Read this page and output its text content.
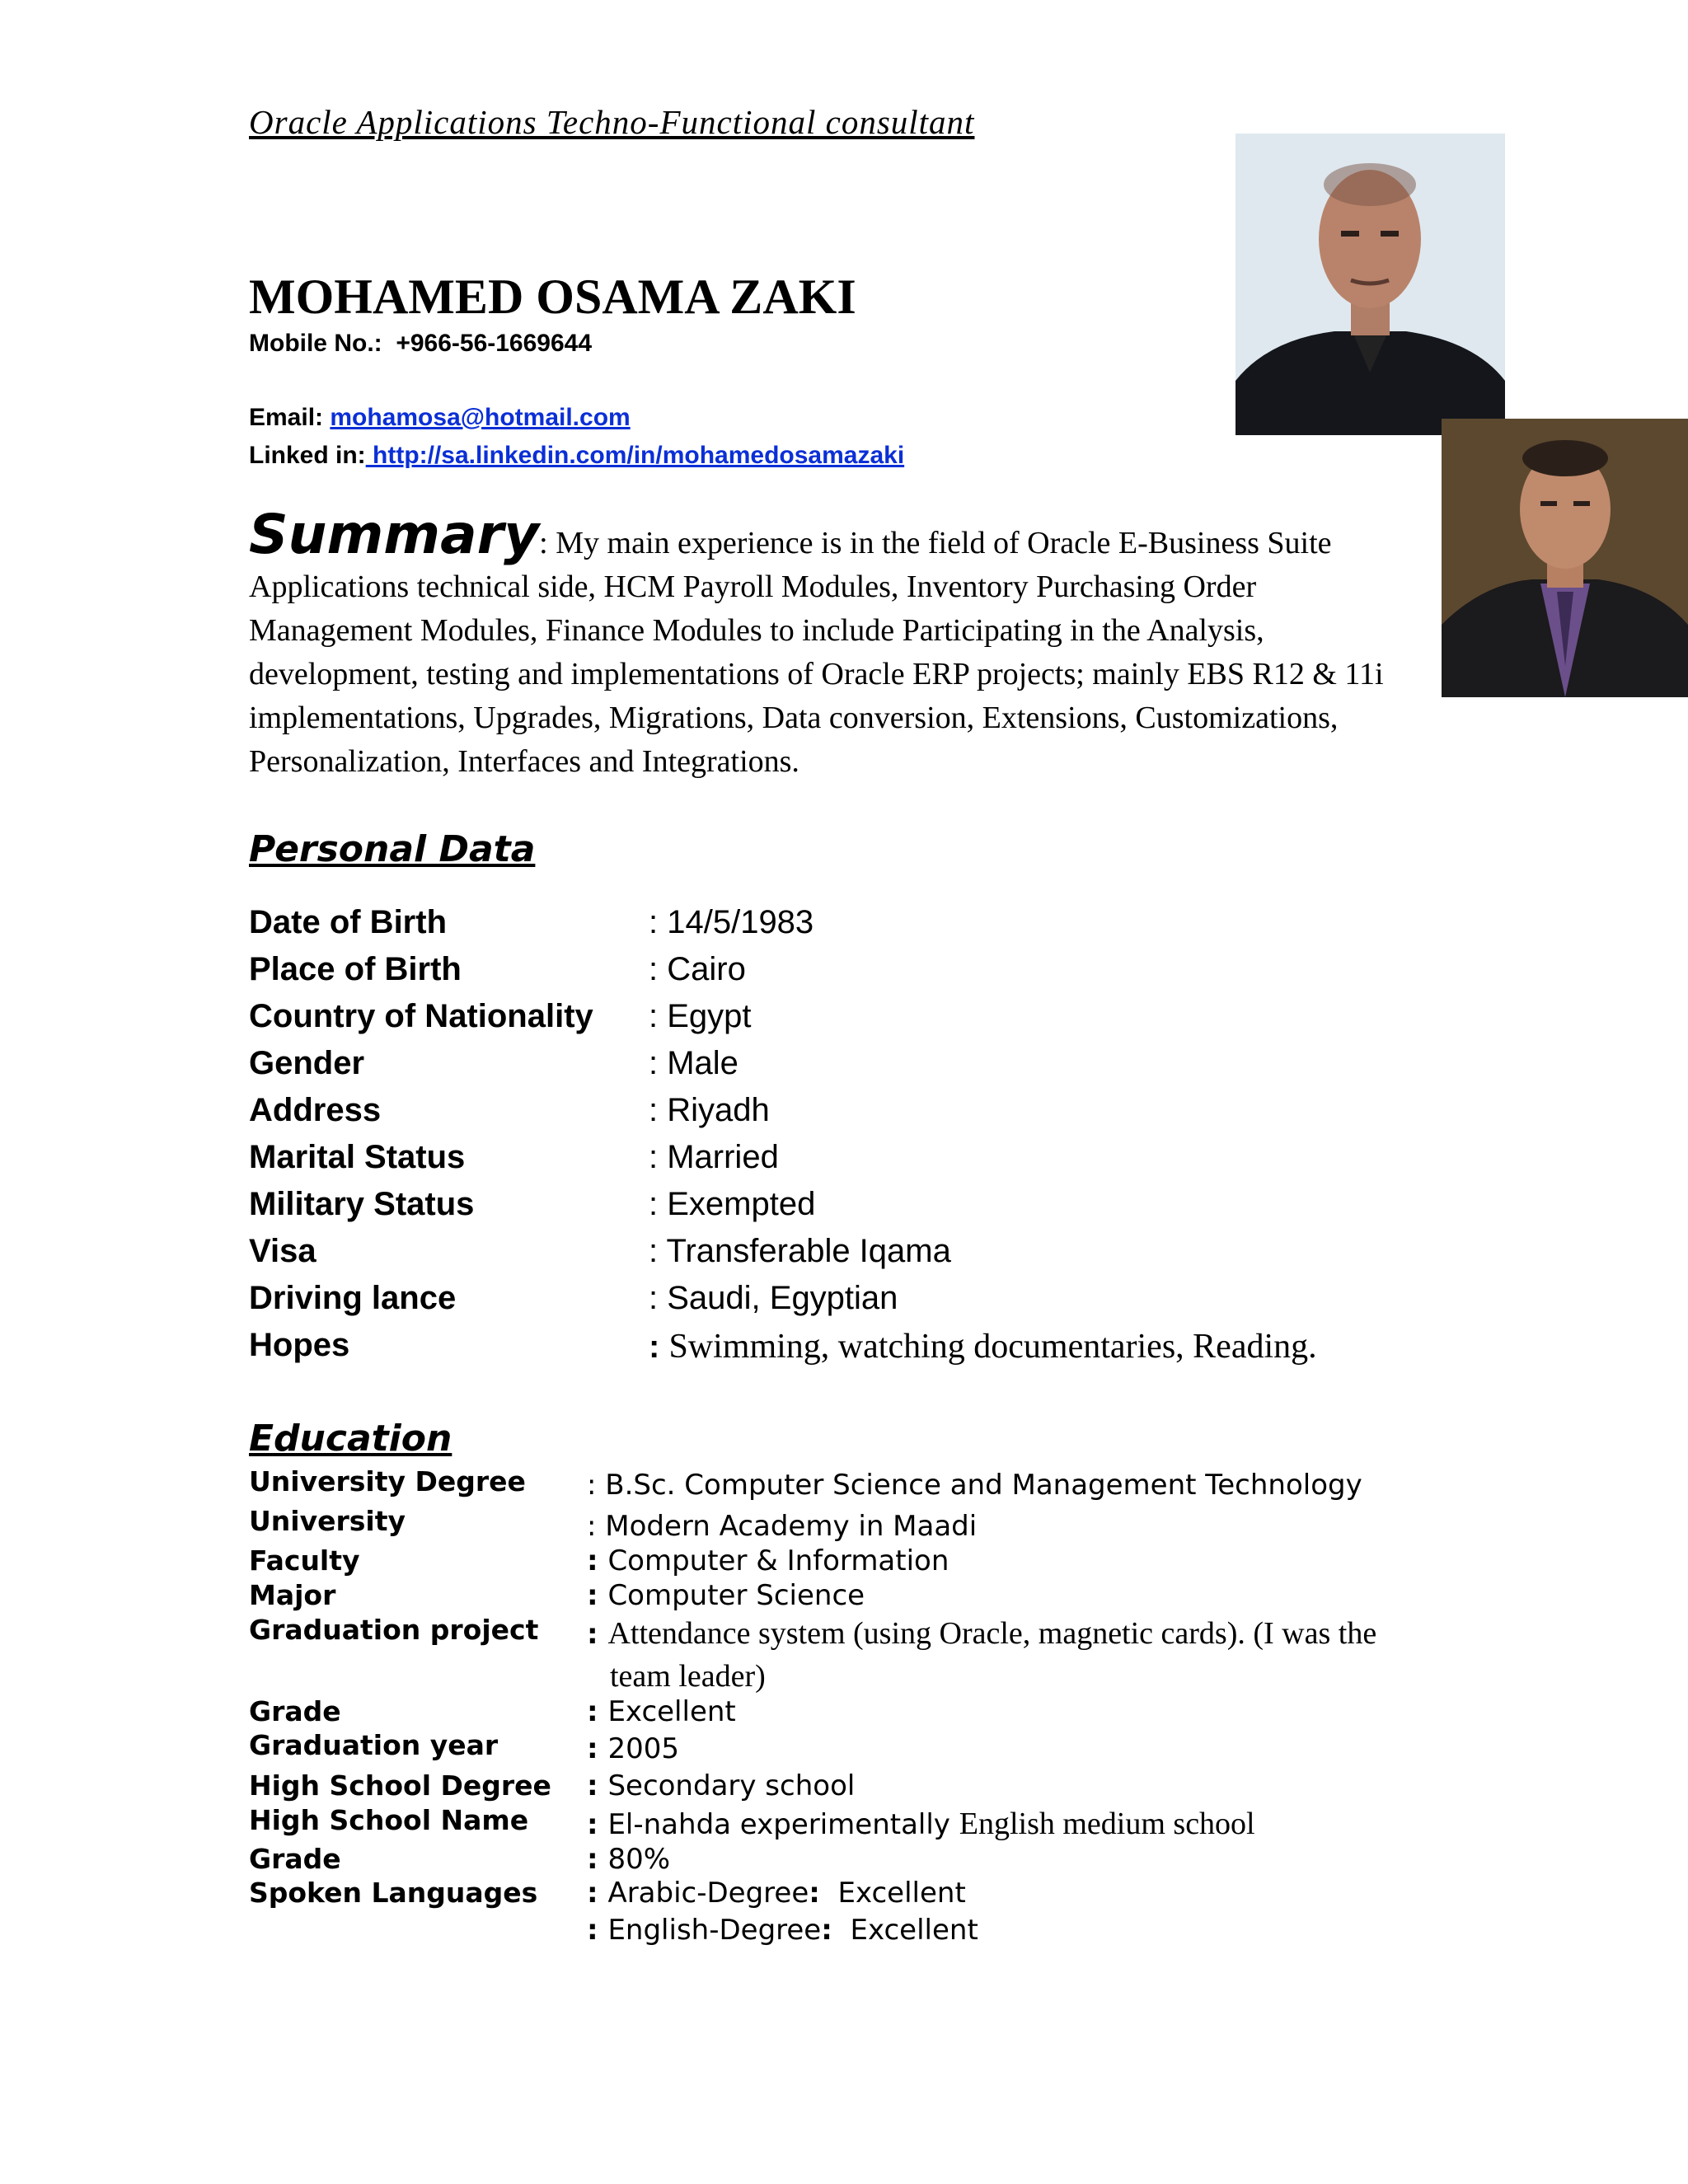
Oracle Applications Techno-Functional consultant
MOHAMED OSAMA ZAKI
Mobile No.: +966-56-1669644
Email: mohamosa@hotmail.com
Linked in: http://sa.linkedin.com/in/mohamedosamazaki
Summary: My main experience is in the field of Oracle E-Business Suite Applications technical side, HCM Payroll Modules, Inventory Purchasing Order Management Modules, Finance Modules to include Participating in the Analysis, development, testing and implementations of Oracle ERP projects; mainly EBS R12 & 11i implementations, Upgrades, Migrations, Data conversion, Extensions, Customizations, Personalization, Interfaces and Integrations.
Personal Data
Date of Birth	: 14/5/1983
Place of Birth	: Cairo
Country of Nationality : Egypt
Gender	: Male
Address	: Riyadh
Marital Status	: Married
Military Status	: Exempted
Visa	: Transferable Iqama
Driving lance	: Saudi, Egyptian
Hopes	: Swimming, watching documentaries, Reading.
Education
University Degree : B.Sc. Computer Science and Management Technology
University	: Modern Academy in Maadi
Faculty	: Computer & Information
Major	: Computer Science
Graduation project : Attendance system (using Oracle, magnetic cards). (I was the
team leader)
Grade	: Excellent
Graduation year	: 2005
High School Degree : Secondary school
High School Name : El-nahda experimentally English medium school
Grade	: 80%
Spoken Languages : Arabic-Degree: Excellent
: English-Degree: Excellent
